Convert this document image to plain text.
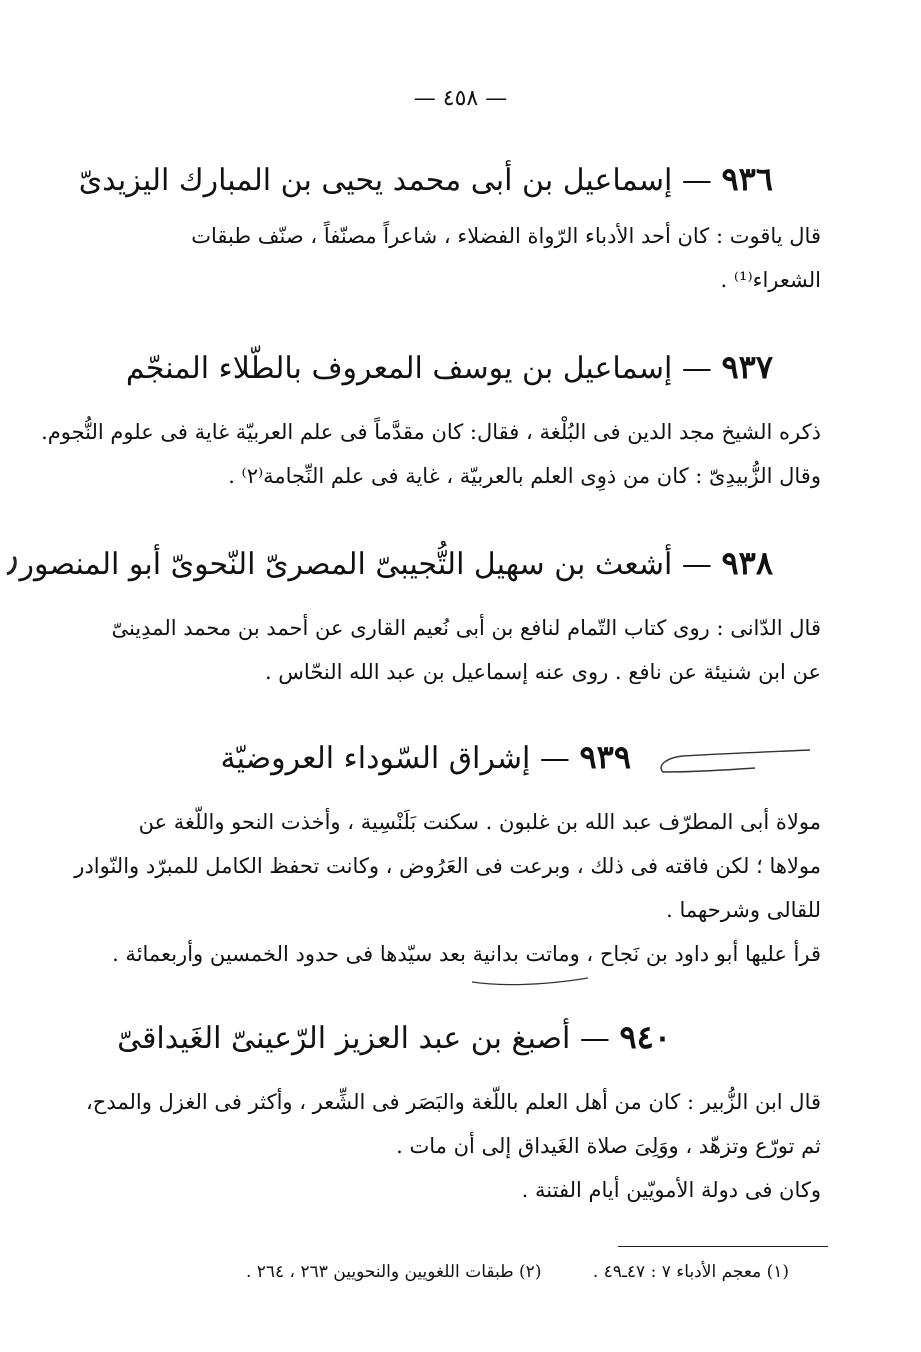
— ٤٥٨ —
٩٣٦ — إسماعيل بن أبى محمد يحيى بن المبارك اليزيدىّ
قال ياقوت : كان أحد الأدباء الرّواة الفضلاء ، شاعراً مصنّفاً ، صنّف طبقات
الشعراء⁽¹⁾ .
٩٣٧ — إسماعيل بن يوسف المعروف بالطّلاء المنجّم
ذكره الشيخ مجد الدين فى البُلْغة ، فقال: كان مقدَّماً فى علم العربيّة غاية فى علوم النُّجوم.
وقال الزُّبيدِىّ : كان من ذوِى العلم بالعربيّة ، غاية فى علم النِّجامة⁽٢⁾ .
٩٣٨ — أشعث بن سهيل التُّجيبىّ المصرىّ النّحوىّ أبو المنصور
قال الدّانى : روى كتاب التّمام لنافع بن أبى نُعيم القارى عن أحمد بن محمد المدِينىّ
عن ابن شنيئة عن نافع . روى عنه إسماعيل بن عبد الله النحّاس .
٩٣٩ — إشراق السّوداء العروضيّة
مولاة أبى المطرّف عبد الله بن غلبون . سكنت بَلَنْسِية ، وأخذت النحو واللّغة عن
مولاها ؛ لكن فاقته فى ذلك ، وبرعت فى العَرُوض ، وكانت تحفظ الكامل للمبرّد والنّوادر
للقالى وشرحهما .
قرأ عليها أبو داود بن نَجاح ، وماتت بدانية بعد سيّدها فى حدود الخمسين وأربعمائة .
٩٤٠ — أصبغ بن عبد العزيز الرّعينىّ الغَيداقىّ
قال ابن الزُّبير : كان من أهل العلم باللّغة والبَصَر فى الشِّعر ، وأكثر فى الغزل والمدح،
ثم تورّع وتزهّد ، ووَلِىَ صلاة الغَيداق إلى أن مات .
وكان فى دولة الأمويّين أيام الفتنة .
(١) معجم الأدباء ٧ : ٤٧ـ٤٩ . (٢) طبقات اللغويين والنحويين ٢٦٣ ، ٢٦٤ .
٫
